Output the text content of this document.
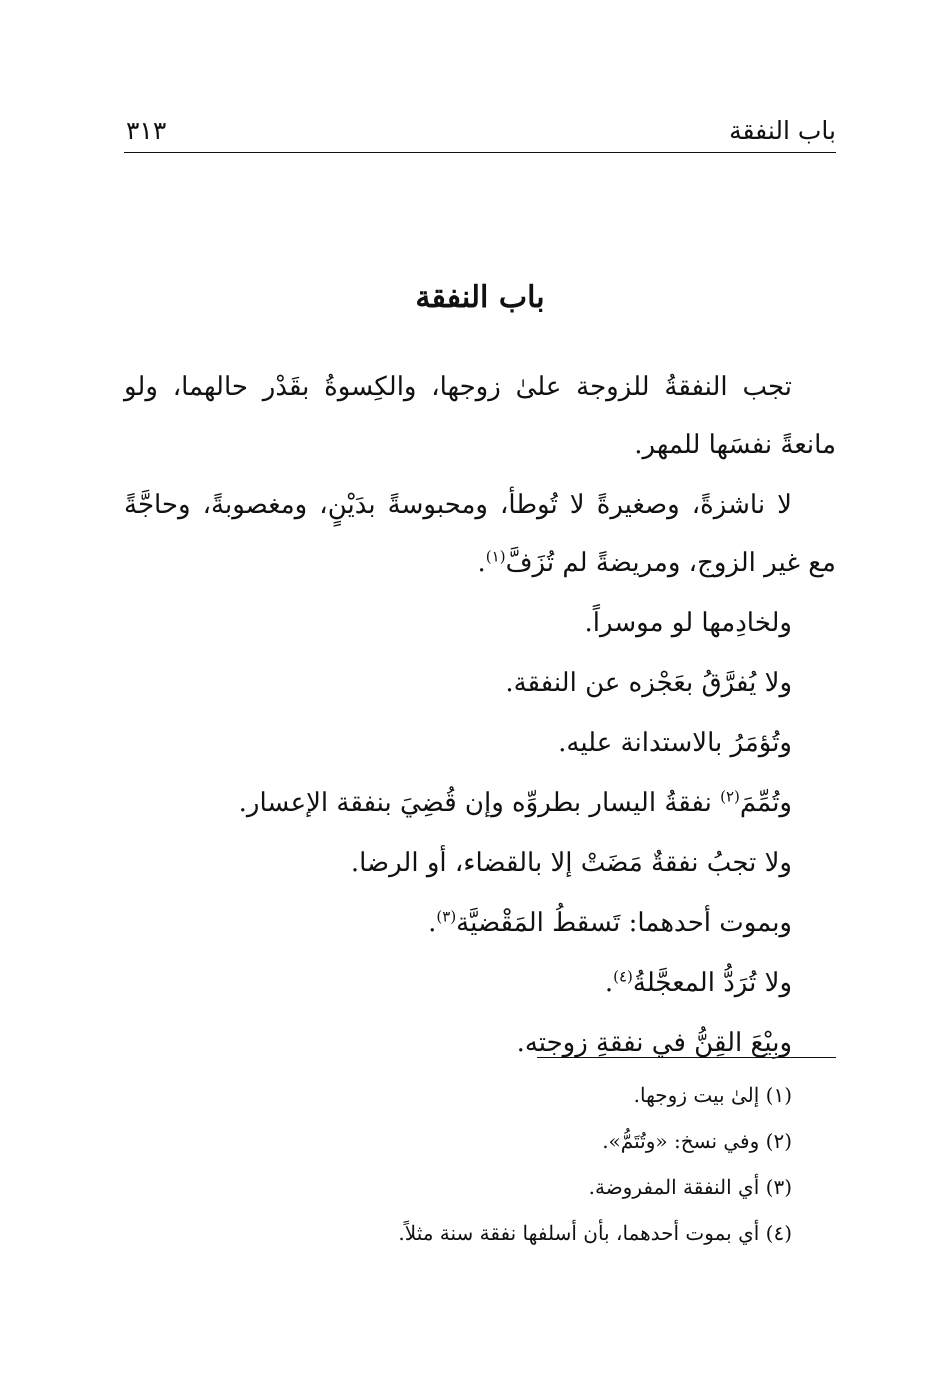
باب النفقة
٣١٣
باب النفقة

تجب النفقةُ للزوجة علىٰ زوجها، والكِسوةُ بقَدْر حالهما، ولو مانعةً نفسَها للمهر.

لا ناشزةً، وصغيرةً لا تُوطأ، ومحبوسةً بدَيْنٍ، ومغصوبةً، وحاجَّةً مع غير الزوج، ومريضةً لم تُزَفَّ$^{(١)}$.

ولخادِمها لو موسراً.

ولا يُفرَّقُ بعَجْزه عن النفقة.

وتُؤمَرُ بالاستدانة عليه.

وتُمِّمَ$^{(٢)}$ نفقةُ اليسار بطروِّه وإن قُضِيَ بنفقة الإعسار.

ولا تجبُ نفقةٌ مَضَتْ إلا بالقضاء، أو الرضا.

وبموت أحدهما: تَسقطُ المَقْضيَّة$^{(٣)}$.

ولا تُرَدُّ المعجَّلةُ$^{(٤)}$.

وبِيْعَ القِنُّ في نفقةِ زوجته.

(١) إلىٰ بيت زوجها.
(٢) وفي نسخ: «وتُتَمُّ».
(٣) أي النفقة المفروضة.
(٤) أي بموت أحدهما، بأن أسلفها نفقة سنة مثلاً.
